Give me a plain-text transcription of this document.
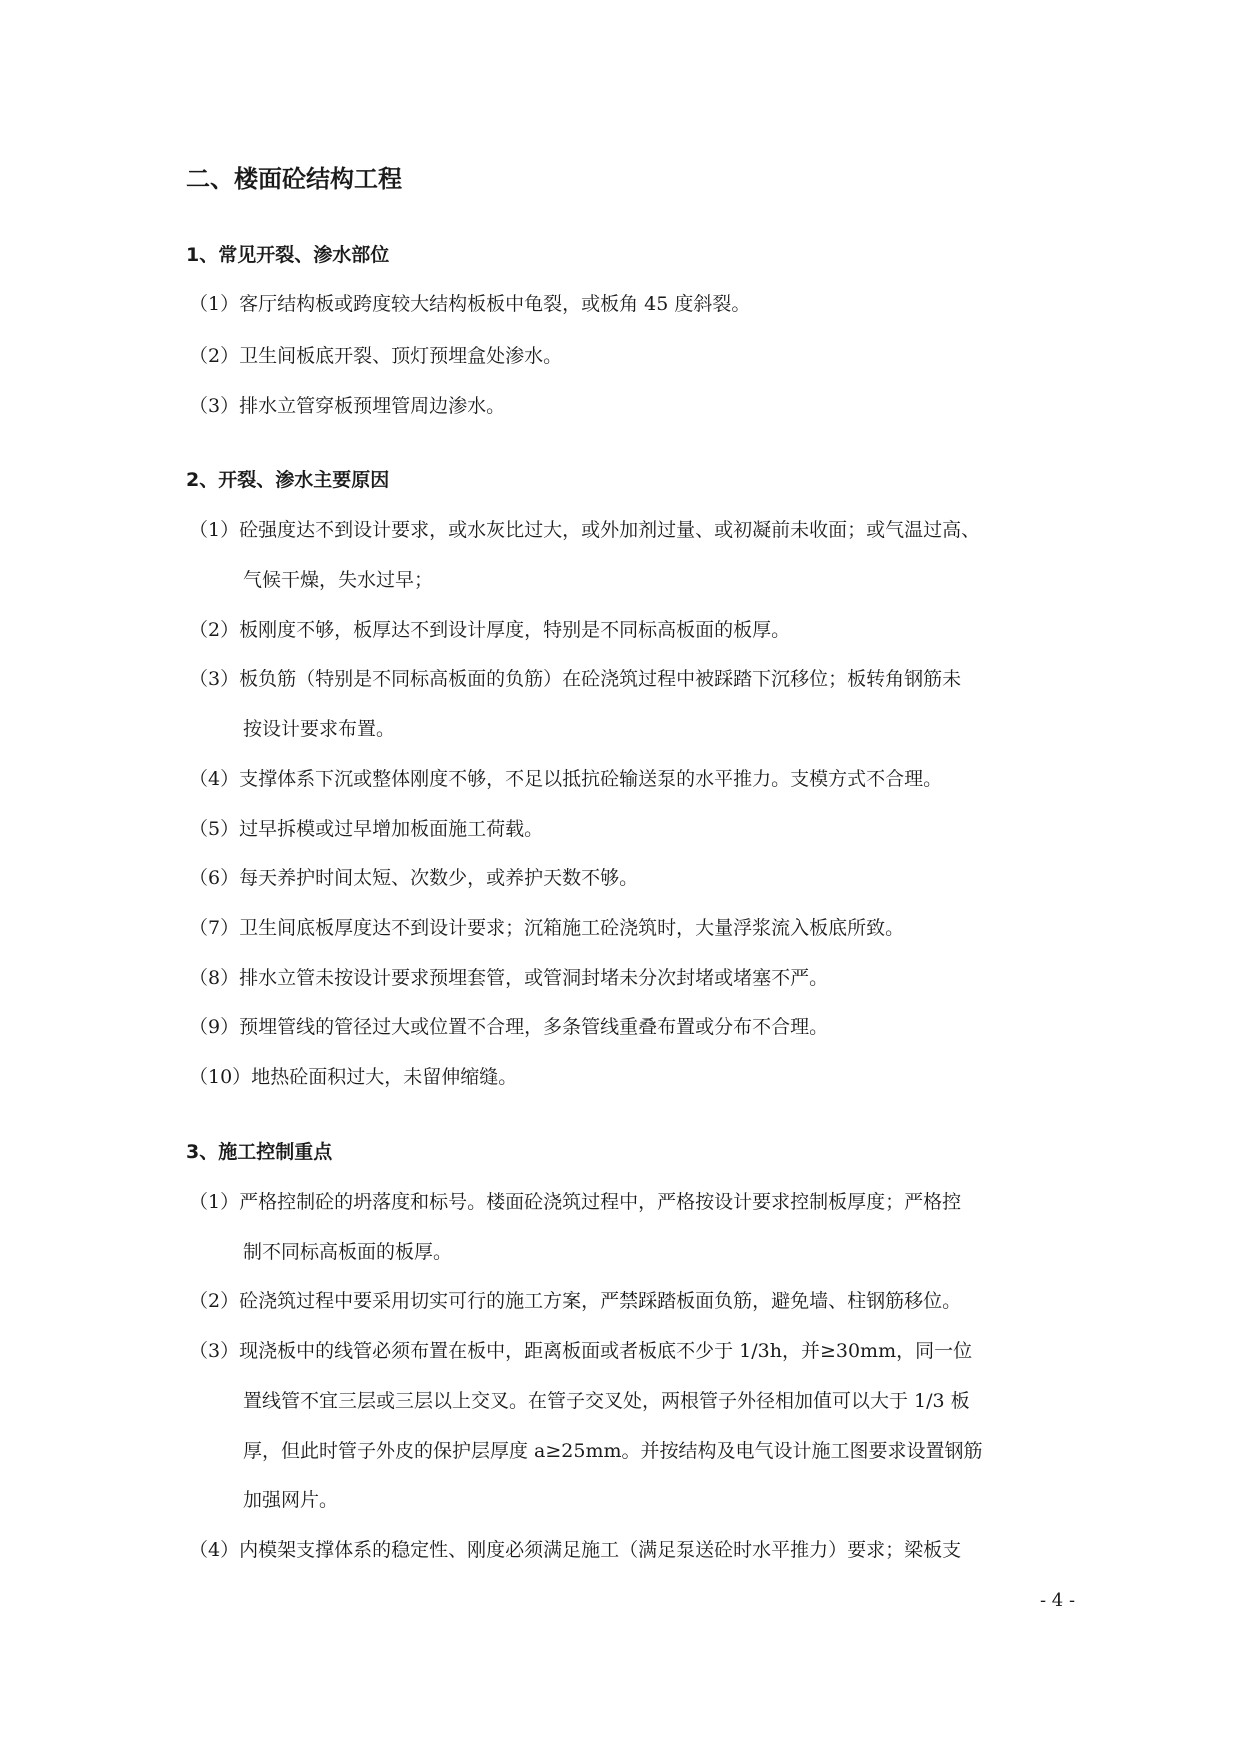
二、楼面砼结构工程
1、常见开裂、渗水部位
（1）客厅结构板或跨度较大结构板板中龟裂，或板角 45 度斜裂。
（2）卫生间板底开裂、顶灯预埋盒处渗水。
（3）排水立管穿板预埋管周边渗水。
2、开裂、渗水主要原因
（1）砼强度达不到设计要求，或水灰比过大，或外加剂过量、或初凝前未收面；或气温过高、
气候干燥，失水过早；
（2）板刚度不够，板厚达不到设计厚度，特别是不同标高板面的板厚。
（3）板负筋（特别是不同标高板面的负筋）在砼浇筑过程中被踩踏下沉移位；板转角钢筋未
按设计要求布置。
（4）支撑体系下沉或整体刚度不够，不足以抵抗砼输送泵的水平推力。支模方式不合理。
（5）过早拆模或过早增加板面施工荷载。
（6）每天养护时间太短、次数少，或养护天数不够。
（7）卫生间底板厚度达不到设计要求；沉箱施工砼浇筑时，大量浮浆流入板底所致。
（8）排水立管未按设计要求预埋套管，或管洞封堵未分次封堵或堵塞不严。
（9）预埋管线的管径过大或位置不合理，多条管线重叠布置或分布不合理。
（10）地热砼面积过大，未留伸缩缝。
3、施工控制重点
（1）严格控制砼的坍落度和标号。楼面砼浇筑过程中，严格按设计要求控制板厚度；严格控
制不同标高板面的板厚。
（2）砼浇筑过程中要采用切实可行的施工方案，严禁踩踏板面负筋，避免墙、柱钢筋移位。
（3）现浇板中的线管必须布置在板中，距离板面或者板底不少于 1/3h，并≥30mm，同一位
置线管不宜三层或三层以上交叉。在管子交叉处，两根管子外径相加值可以大于 1/3 板
厚，但此时管子外皮的保护层厚度 a≥25mm。并按结构及电气设计施工图要求设置钢筋
加强网片。
（4）内模架支撑体系的稳定性、刚度必须满足施工（满足泵送砼时水平推力）要求；梁板支
- 4 -
